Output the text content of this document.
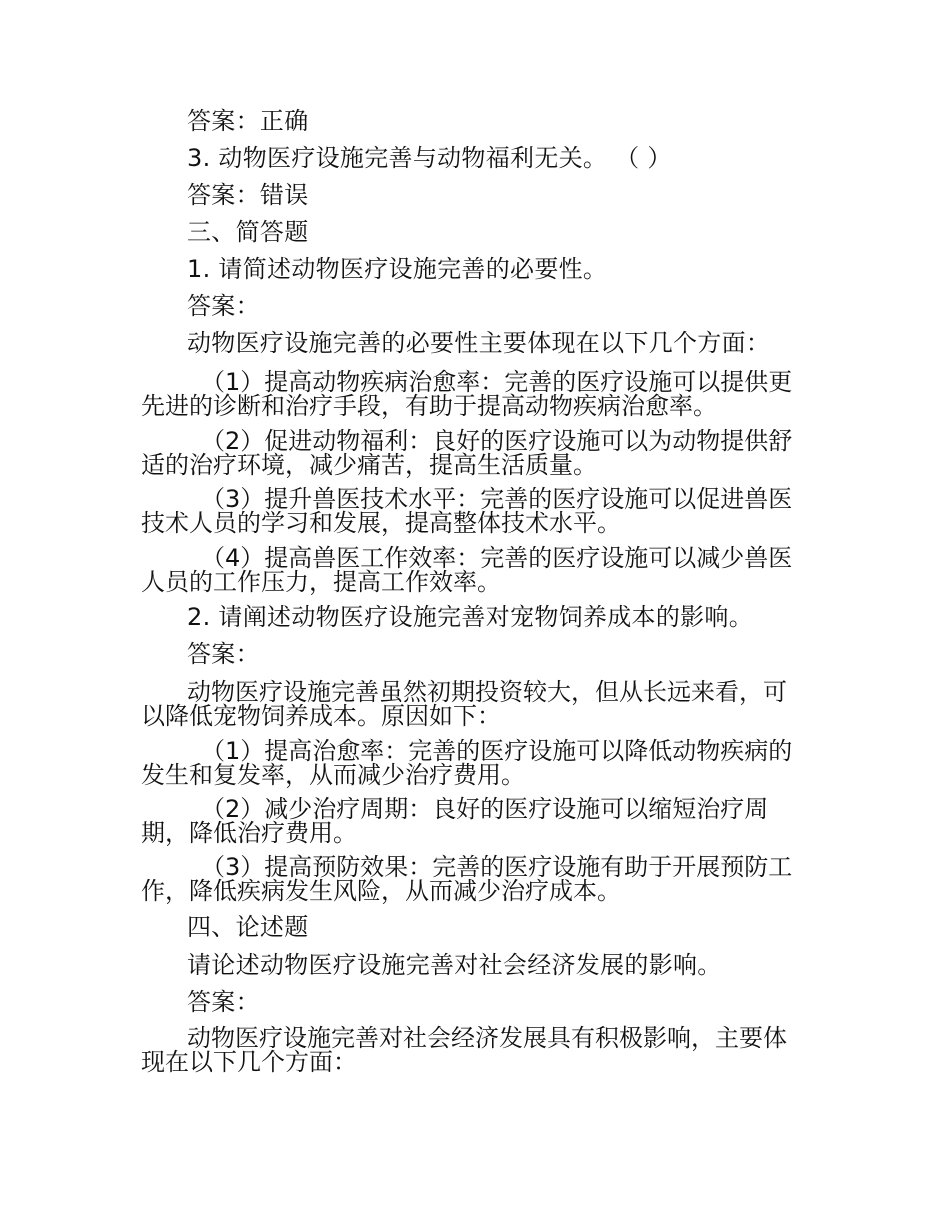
答案：正确

3. 动物医疗设施完善与动物福利无关。 （ ）

答案：错误

三、简答题

1. 请简述动物医疗设施完善的必要性。

答案：

动物医疗设施完善的必要性主要体现在以下几个方面：

（1）提高动物疾病治愈率：完善的医疗设施可以提供更
先进的诊断和治疗手段，有助于提高动物疾病治愈率。
（2）促进动物福利：良好的医疗设施可以为动物提供舒
适的治疗环境，减少痛苦，提高生活质量。
（3）提升兽医技术水平：完善的医疗设施可以促进兽医
技术人员的学习和发展，提高整体技术水平。
（4）提高兽医工作效率：完善的医疗设施可以减少兽医
人员的工作压力，提高工作效率。

2. 请阐述动物医疗设施完善对宠物饲养成本的影响。

答案：

动物医疗设施完善虽然初期投资较大，但从长远来看，可
以降低宠物饲养成本。原因如下：
（1）提高治愈率：完善的医疗设施可以降低动物疾病的
发生和复发率，从而减少治疗费用。
（2）减少治疗周期：良好的医疗设施可以缩短治疗周
期，降低治疗费用。
（3）提高预防效果：完善的医疗设施有助于开展预防工
作，降低疾病发生风险，从而减少治疗成本。

四、论述题

请论述动物医疗设施完善对社会经济发展的影响。

答案：

动物医疗设施完善对社会经济发展具有积极影响，主要体
现在以下几个方面：
